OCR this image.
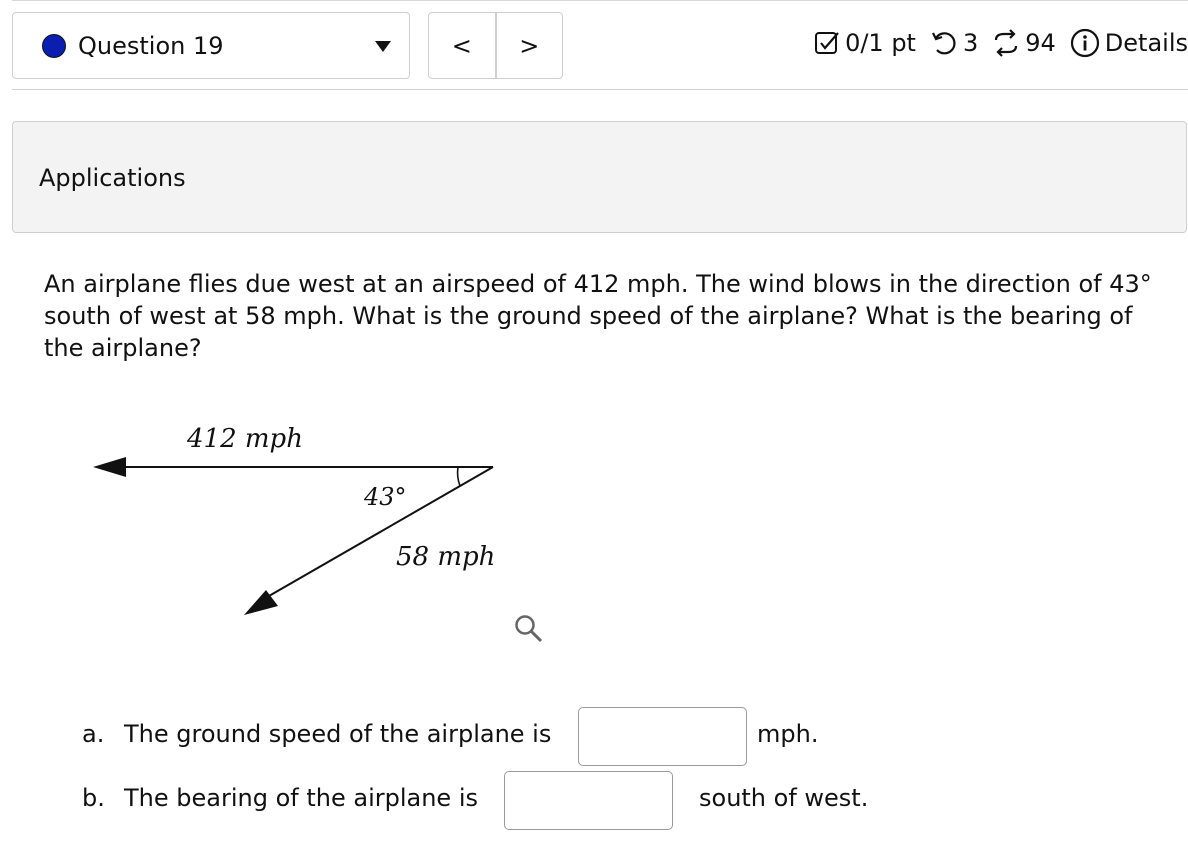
Question 19	<	>	0/1 pt 3 94 Details
Applications
An airplane flies due west at an airspeed of 412 mph. The wind blows in the direction of 43° south of west at 58 mph. What is the ground speed of the airplane? What is the bearing of the airplane?
412 mph
43°
58 mph
a. The ground speed of the airplane is	mph.
b. The bearing of the airplane is	south of west.
